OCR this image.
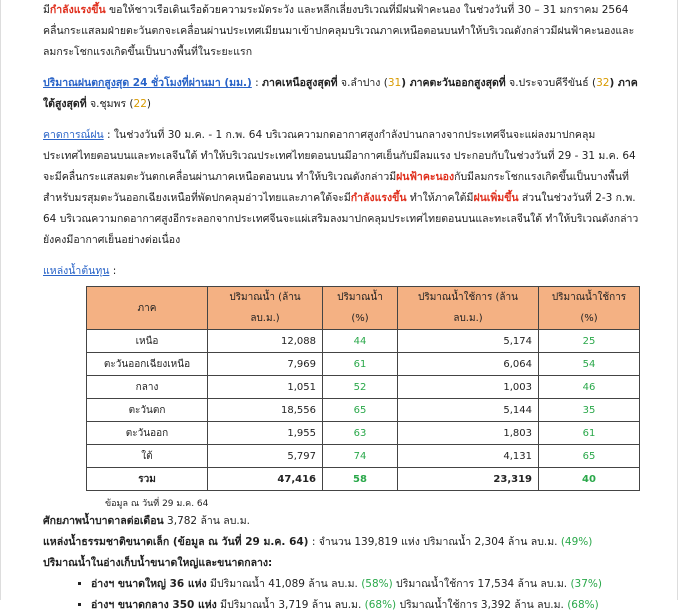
มีกำลังแรงขึ้น ขอให้ชาวเรือเดินเรือด้วยความระมัดระวัง และหลีกเลี่ยงบริเวณที่มีฝนฟ้าคะนอง ในช่วงวันที่ 30 – 31 มกราคม 2564 คลื่นกระแสลมฝ่ายตะวันตกจะเคลื่อนผ่านประเทศเมียนมาเข้าปกคลุมบริเวณภาคเหนือตอนบนทำให้บริเวณดังกล่าวมีฝนฟ้าคะนองและลมกระโชกแรงเกิดขึ้นเป็นบางพื้นที่ในระยะแรก

ปริมาณฝนตกสูงสุด 24 ชั่วโมงที่ผ่านมา (มม.) : ภาคเหนือสูงสุดที่ จ.ลำปาง (31) ภาคตะวันออกสูงสุดที่ จ.ประจวบคีรีขันธ์ (32) ภาคใต้สูงสุดที่ จ.ชุมพร (22)

คาดการณ์ฝน : ในช่วงวันที่ 30 ม.ค. - 1 ก.พ. 64 บริเวณความกดอากาศสูงกำลังปานกลางจากประเทศจีนจะแผ่ลงมาปกคลุมประเทศไทยตอนบนและทะเลจีนใต้ ทำให้บริเวณประเทศไทยตอนบนมีอากาศเย็นกับมีลมแรง ประกอบกับในช่วงวันที่ 29 - 31 ม.ค. 64 จะมีคลื่นกระแสลมตะวันตกเคลื่อนผ่านภาคเหนือตอนบน ทำให้บริเวณดังกล่าวมีฝนฟ้าคะนองกับมีลมกระโชกแรงเกิดขึ้นเป็นบางพื้นที่ สำหรับมรสุมตะวันออกเฉียงเหนือที่พัดปกคลุมอ่าวไทยและภาคใต้จะมีกำลังแรงขึ้น ทำให้ภาคใต้มีฝนเพิ่มขึ้น ส่วนในช่วงวันที่ 2-3 ก.พ. 64 บริเวณความกดอากาศสูงอีกระลอกจากประเทศจีนจะแผ่เสริมลงมาปกคลุมประเทศไทยตอนบนและทะเลจีนใต้ ทำให้บริเวณดังกล่าวยังคงมีอากาศเย็นอย่างต่อเนื่อง

แหล่งน้ำต้นทุน :

ภาค	ปริมาณน้ำ (ล้าน ลบ.ม.)	ปริมาณน้ำ (%)	ปริมาณน้ำใช้การ (ล้าน ลบ.ม.)	ปริมาณน้ำใช้การ (%)
เหนือ	12,088	44	5,174	25
ตะวันออกเฉียงเหนือ	7,969	61	6,064	54
กลาง	1,051	52	1,003	46
ตะวันตก	18,556	65	5,144	35
ตะวันออก	1,955	63	1,803	61
ใต้	5,797	74	4,131	65
รวม	47,416	58	23,319	40

ข้อมูล ณ วันที่ 29 ม.ค. 64

ศักยภาพน้ำบาดาลต่อเดือน 3,782 ล้าน ลบ.ม.

แหล่งน้ำธรรมชาติขนาดเล็ก (ข้อมูล ณ วันที่ 29 ม.ค. 64) : จำนวน 139,819 แห่ง ปริมาณน้ำ 2,304 ล้าน ลบ.ม. (49%)

ปริมาณน้ำในอ่างเก็บน้ำขนาดใหญ่และขนาดกลาง:

▪ อ่างฯ ขนาดใหญ่ 36 แห่ง มีปริมาณน้ำ 41,089 ล้าน ลบ.ม. (58%) ปริมาณน้ำใช้การ 17,534 ล้าน ลบ.ม. (37%)
▪ อ่างฯ ขนาดกลาง 350 แห่ง มีปริมาณน้ำ 3,719 ล้าน ลบ.ม. (68%) ปริมาณน้ำใช้การ 3,392 ล้าน ลบ.ม. (68%)
